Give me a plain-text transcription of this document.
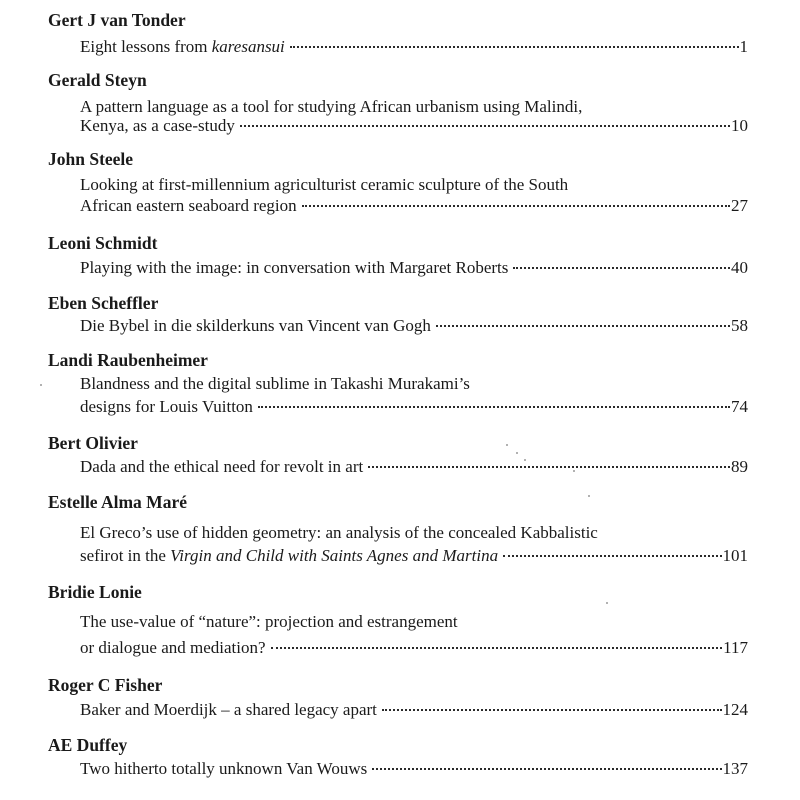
Gert J van Tonder
Eight lessons from karesansui	1
Gerald Steyn
A pattern language as a tool for studying African urbanism using Malindi,
Kenya, as a case-study	10
John Steele
Looking at first-millennium agriculturist ceramic sculpture of the South
African eastern seaboard region	27
Leoni Schmidt
Playing with the image: in conversation with Margaret Roberts	40
Eben Scheffler
Die Bybel in die skilderkuns van Vincent van Gogh	58
Landi Raubenheimer
Blandness and the digital sublime in Takashi Murakami’s
designs for Louis Vuitton	74
Bert Olivier
Dada and the ethical need for revolt in art	89
Estelle Alma Maré
El Greco’s use of hidden geometry: an analysis of the concealed Kabbalistic
sefirot in the Virgin and Child with Saints Agnes and Martina	101
Bridie Lonie
The use-value of “nature”: projection and estrangement
or dialogue and mediation?	117
Roger C Fisher
Baker and Moerdijk – a shared legacy apart	124
AE Duffey
Two hitherto totally unknown Van Wouws	137
